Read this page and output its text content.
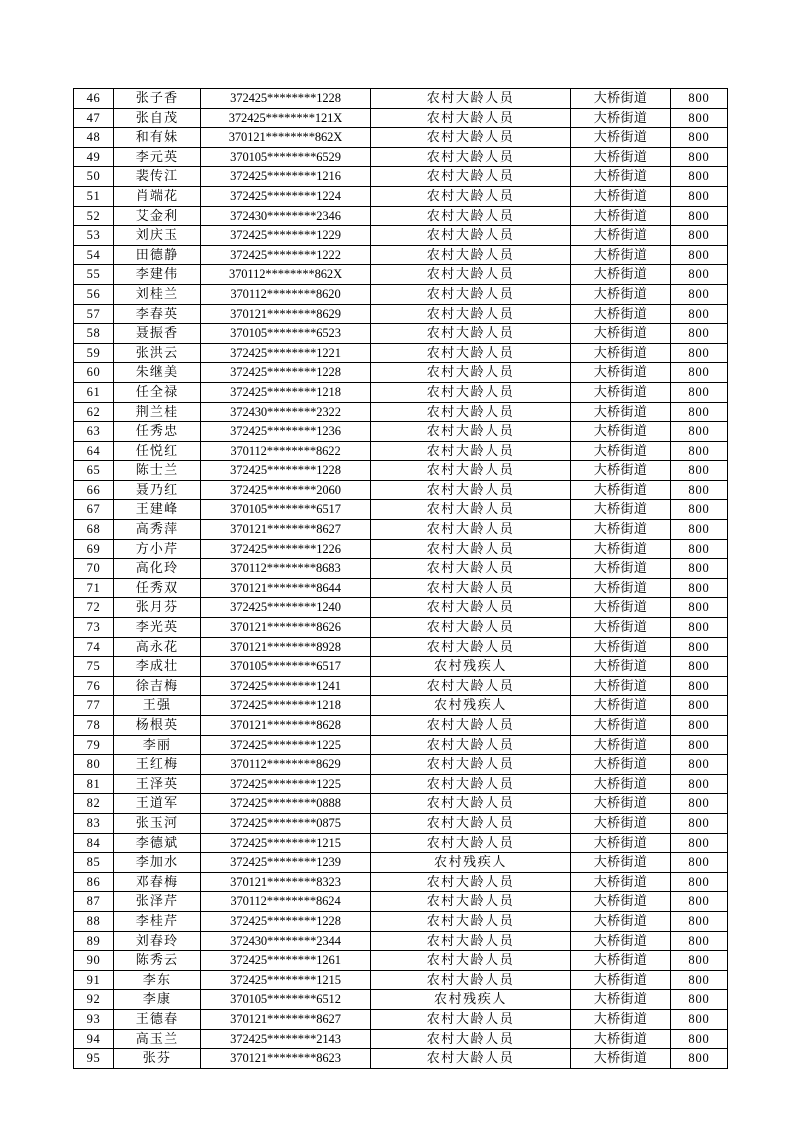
46	张子香	372425********1228	农村大龄人员	大桥街道	800
47	张自茂	372425********121X	农村大龄人员	大桥街道	800
48	和有妹	370121********862X	农村大龄人员	大桥街道	800
49	李元英	370105********6529	农村大龄人员	大桥街道	800
50	裴传江	372425********1216	农村大龄人员	大桥街道	800
51	肖端花	372425********1224	农村大龄人员	大桥街道	800
52	艾金利	372430********2346	农村大龄人员	大桥街道	800
53	刘庆玉	372425********1229	农村大龄人员	大桥街道	800
54	田德静	372425********1222	农村大龄人员	大桥街道	800
55	李建伟	370112********862X	农村大龄人员	大桥街道	800
56	刘桂兰	370112********8620	农村大龄人员	大桥街道	800
57	李春英	370121********8629	农村大龄人员	大桥街道	800
58	聂振香	370105********6523	农村大龄人员	大桥街道	800
59	张洪云	372425********1221	农村大龄人员	大桥街道	800
60	朱继美	372425********1228	农村大龄人员	大桥街道	800
61	任全禄	372425********1218	农村大龄人员	大桥街道	800
62	荆兰桂	372430********2322	农村大龄人员	大桥街道	800
63	任秀忠	372425********1236	农村大龄人员	大桥街道	800
64	任悦红	370112********8622	农村大龄人员	大桥街道	800
65	陈士兰	372425********1228	农村大龄人员	大桥街道	800
66	聂乃红	372425********2060	农村大龄人员	大桥街道	800
67	王建峰	370105********6517	农村大龄人员	大桥街道	800
68	高秀萍	370121********8627	农村大龄人员	大桥街道	800
69	方小芹	372425********1226	农村大龄人员	大桥街道	800
70	高化玲	370112********8683	农村大龄人员	大桥街道	800
71	任秀双	370121********8644	农村大龄人员	大桥街道	800
72	张月芬	372425********1240	农村大龄人员	大桥街道	800
73	李光英	370121********8626	农村大龄人员	大桥街道	800
74	高永花	370121********8928	农村大龄人员	大桥街道	800
75	李成壮	370105********6517	农村残疾人	大桥街道	800
76	徐吉梅	372425********1241	农村大龄人员	大桥街道	800
77	王强	372425********1218	农村残疾人	大桥街道	800
78	杨根英	370121********8628	农村大龄人员	大桥街道	800
79	李丽	372425********1225	农村大龄人员	大桥街道	800
80	王红梅	370112********8629	农村大龄人员	大桥街道	800
81	王泽英	372425********1225	农村大龄人员	大桥街道	800
82	王道军	372425********0888	农村大龄人员	大桥街道	800
83	张玉河	372425********0875	农村大龄人员	大桥街道	800
84	李德斌	372425********1215	农村大龄人员	大桥街道	800
85	李加水	372425********1239	农村残疾人	大桥街道	800
86	邓春梅	370121********8323	农村大龄人员	大桥街道	800
87	张泽芹	370112********8624	农村大龄人员	大桥街道	800
88	李桂芹	372425********1228	农村大龄人员	大桥街道	800
89	刘春玲	372430********2344	农村大龄人员	大桥街道	800
90	陈秀云	372425********1261	农村大龄人员	大桥街道	800
91	李东	372425********1215	农村大龄人员	大桥街道	800
92	李康	370105********6512	农村残疾人	大桥街道	800
93	王德春	370121********8627	农村大龄人员	大桥街道	800
94	高玉兰	372425********2143	农村大龄人员	大桥街道	800
95	张芬	370121********8623	农村大龄人员	大桥街道	800
